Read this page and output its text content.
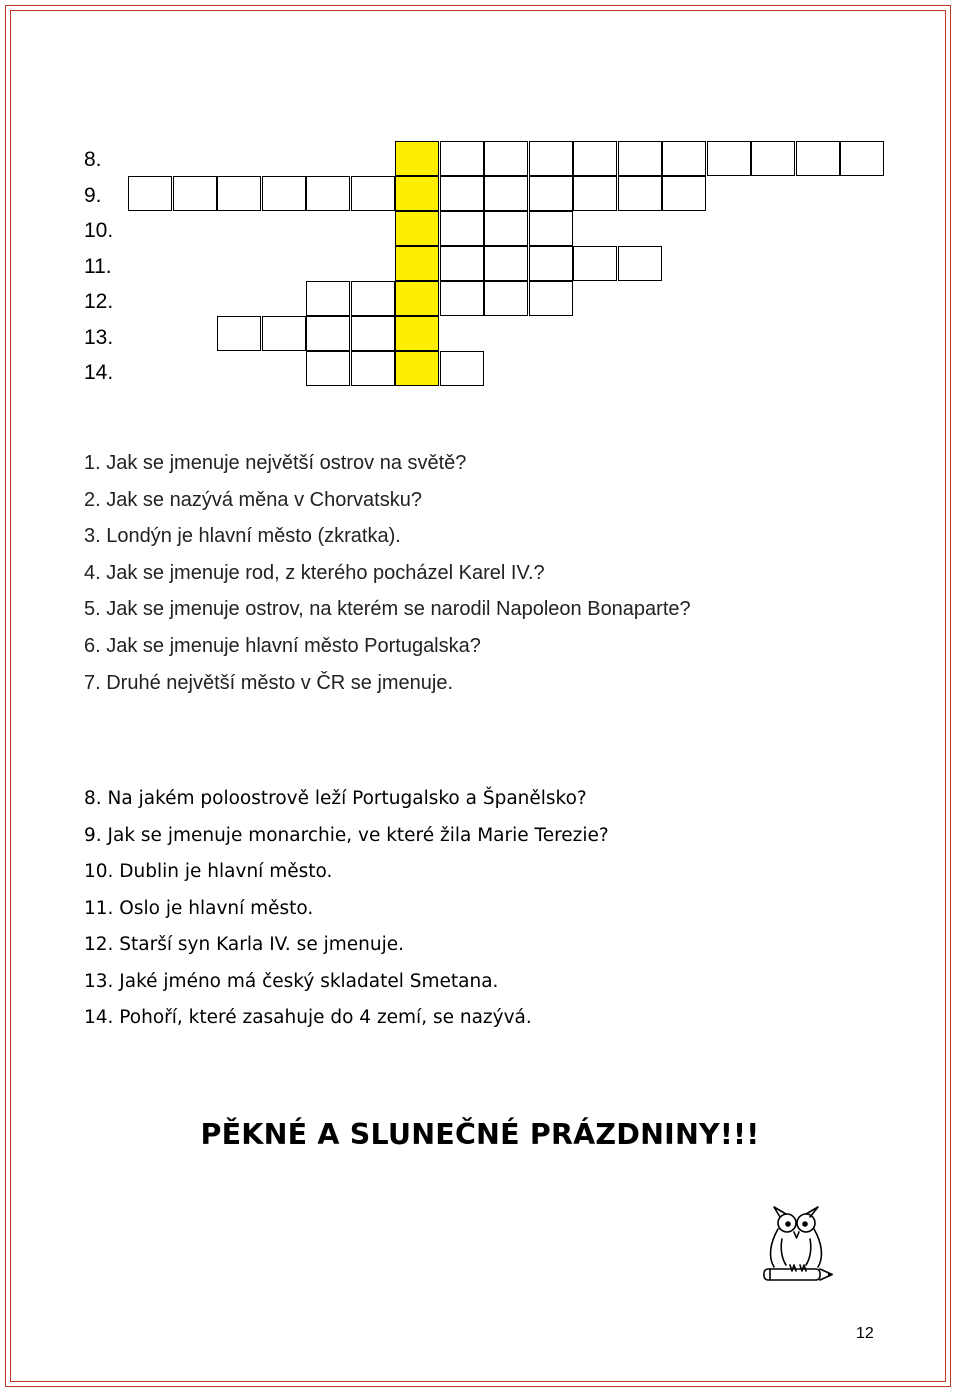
8.
9.
10.
11.
12.
13.
14.
1. Jak se jmenuje největší ostrov na světě?
2. Jak se nazývá měna v Chorvatsku?
3. Londýn je hlavní město (zkratka).
4. Jak se jmenuje rod, z kterého pocházel Karel IV.?
5. Jak se jmenuje ostrov, na kterém se narodil Napoleon Bonaparte?
6. Jak se jmenuje hlavní město Portugalska?
7. Druhé největší město v ČR se jmenuje.
8. Na jakém poloostrově leží Portugalsko a Španělsko?
9. Jak se jmenuje monarchie, ve které žila Marie Terezie?
10. Dublin je hlavní město.
11. Oslo je hlavní město.
12. Starší syn Karla IV. se jmenuje.
13. Jaké jméno má český skladatel Smetana.
14. Pohoří, které zasahuje do 4 zemí, se nazývá.
PĚKNÉ A SLUNEČNÉ PRÁZDNINY!!!
12
